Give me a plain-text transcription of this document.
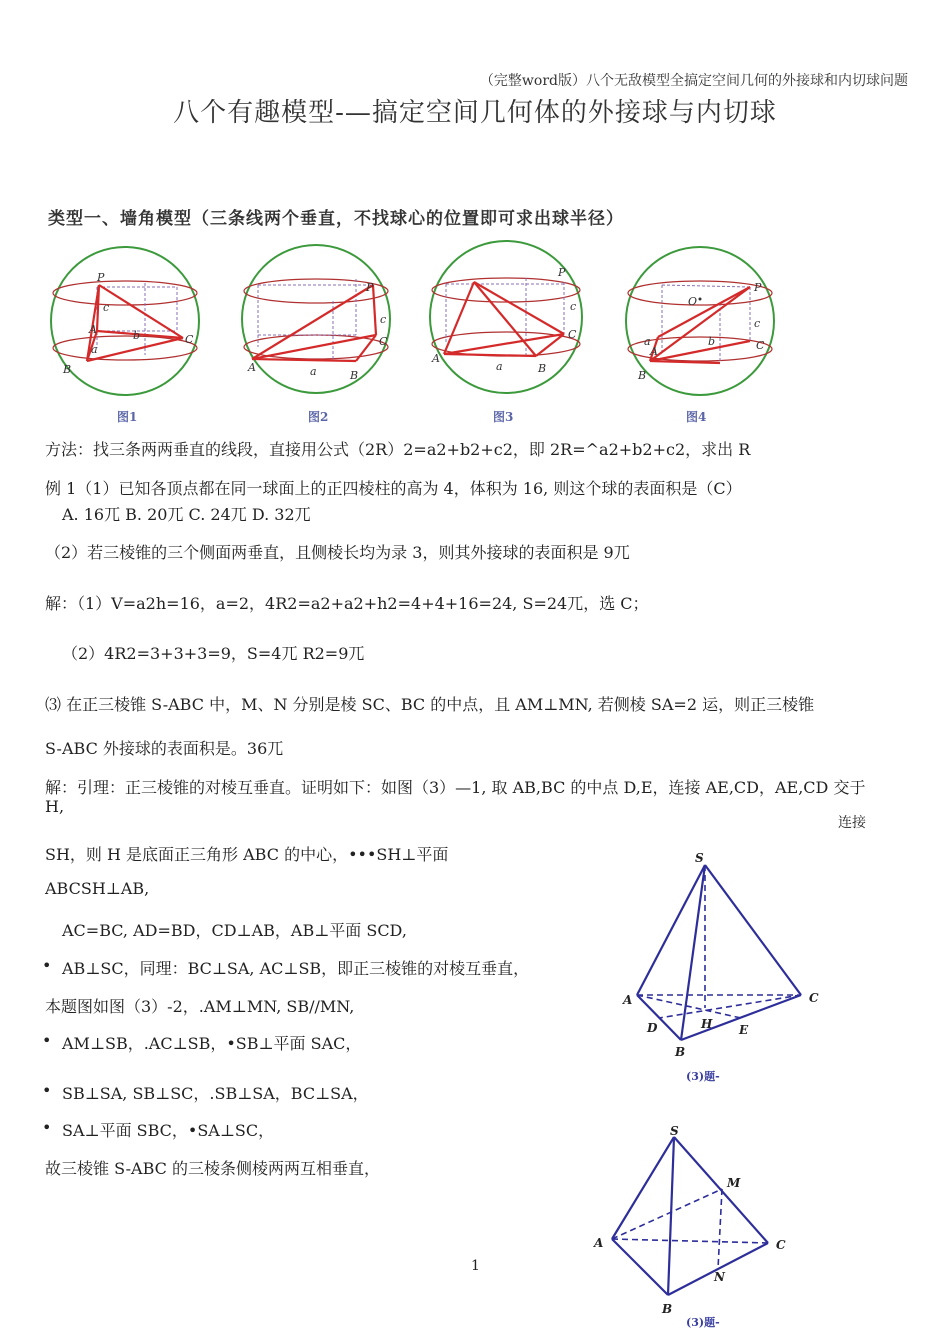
（完整word版）八个无敌模型全搞定空间几何的外接球和内切球问题
八个有趣模型-—搞定空间几何体的外接球与内切球
类型一、墙角模型（三条线两个垂直，不找球心的位置即可求出球半径）
P
A
a
b
c
C
B
图1
P
c
C
A	a	B
图2
P
c
C
A
a	B
图3
P
O
c
C
A
a	b
B
图4
方法：找三条两两垂直的线段，直接用公式（2R）2=a2+b2+c2，即 2R=^a2+b2+c2，求出 R
例 1（1）已知各顶点都在同一球面上的正四棱柱的高为 4，体积为 16, 则这个球的表面积是（C）
A. 16兀 B. 20兀 C. 24兀 D. 32兀
（2）若三棱锥的三个侧面两垂直，且侧棱长均为录 3，则其外接球的表面积是 9兀
解：（1）V=a2h=16，a=2，4R2=a2+a2+h2=4+4+16=24, S=24兀，选 C；
（2）4R2=3+3+3=9，S=4兀 R2=9兀
⑶ 在正三棱锥 S-ABC 中，M、N 分别是棱 SC、BC 的中点，且 AM⊥MN, 若侧棱 SA=2 运，则正三棱锥
S-ABC 外接球的表面积是。36兀
解：引理：正三棱锥的对棱互垂直。证明如下：如图（3）—1, 取 AB,BC 的中点 D,E，连接 AE,CD，AE,CD 交于
H,
连接
SH，则 H 是底面正三角形 ABC 的中心，•••SH⊥平面
ABCSH⊥AB,
AC=BC, AD=BD，CD⊥AB，AB⊥平面 SCD,
• AB⊥SC，同理：BC⊥SA, AC⊥SB，即正三棱锥的对棱互垂直，
本题图如图（3）-2，.AM⊥MN, SB//MN,
• AM⊥SB，.AC⊥SB，•SB⊥平面 SAC，
• SB⊥SA, SB⊥SC，.SB⊥SA，BC⊥SA，
• SA⊥平面 SBC，•SA⊥SC，
故三棱锥 S-ABC 的三棱条侧棱两两互相垂直，
S
A
D	H E
B
C
(3)题-
S
M
A	C
N
B
(3)题-
1
